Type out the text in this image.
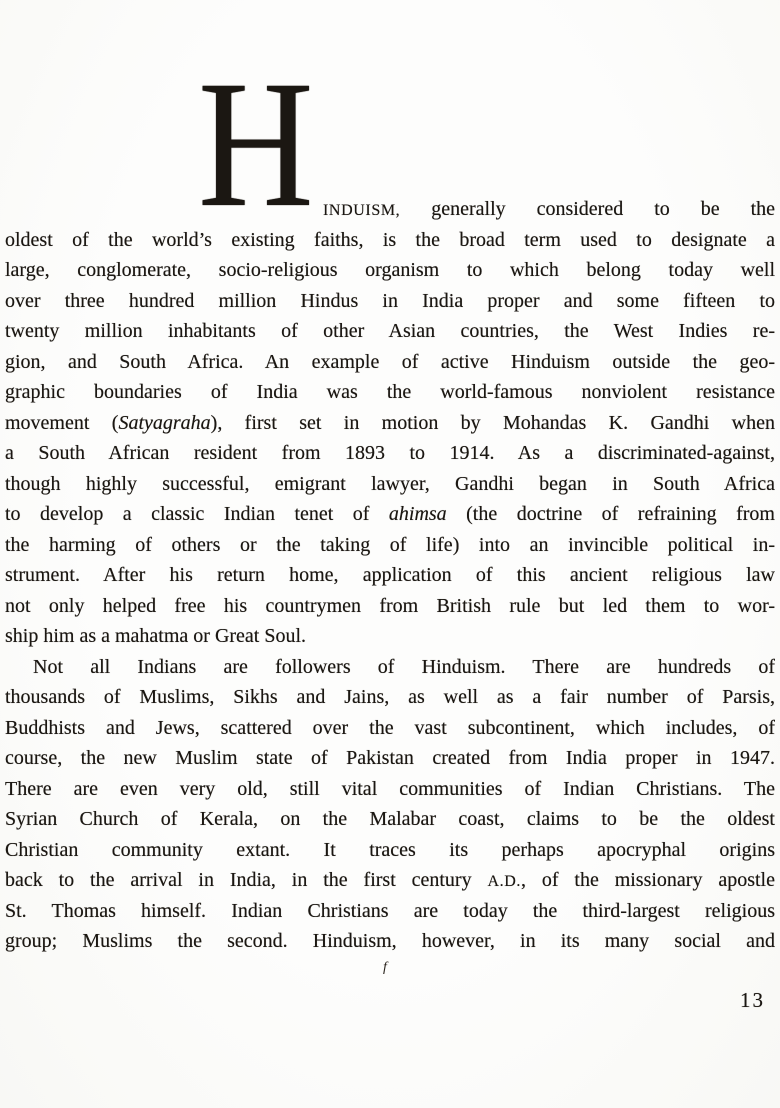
H INDUISM, generally considered to be the
oldest of the world’s existing faiths, is the broad term used to designate a
large, conglomerate, socio-religious organism to which belong today well
over three hundred million Hindus in India proper and some fifteen to
twenty million inhabitants of other Asian countries, the West Indies re-
gion, and South Africa. An example of active Hinduism outside the geo-
graphic boundaries of India was the world-famous nonviolent resistance
movement (Satyagraha), first set in motion by Mohandas K. Gandhi when
a South African resident from 1893 to 1914. As a discriminated-against,
though highly successful, emigrant lawyer, Gandhi began in South Africa
to develop a classic Indian tenet of ahimsa (the doctrine of refraining from
the harming of others or the taking of life) into an invincible political in-
strument. After his return home, application of this ancient religious law
not only helped free his countrymen from British rule but led them to wor-
ship him as a mahatma or Great Soul.
Not all Indians are followers of Hinduism. There are hundreds of
thousands of Muslims, Sikhs and Jains, as well as a fair number of Parsis,
Buddhists and Jews, scattered over the vast subcontinent, which includes, of
course, the new Muslim state of Pakistan created from India proper in 1947.
There are even very old, still vital communities of Indian Christians. The
Syrian Church of Kerala, on the Malabar coast, claims to be the oldest
Christian community extant. It traces its perhaps apocryphal origins
back to the arrival in India, in the first century A.D., of the missionary apostle
St. Thomas himself. Indian Christians are today the third-largest religious
group; Muslims the second. Hinduism, however, in its many social and
f
13
